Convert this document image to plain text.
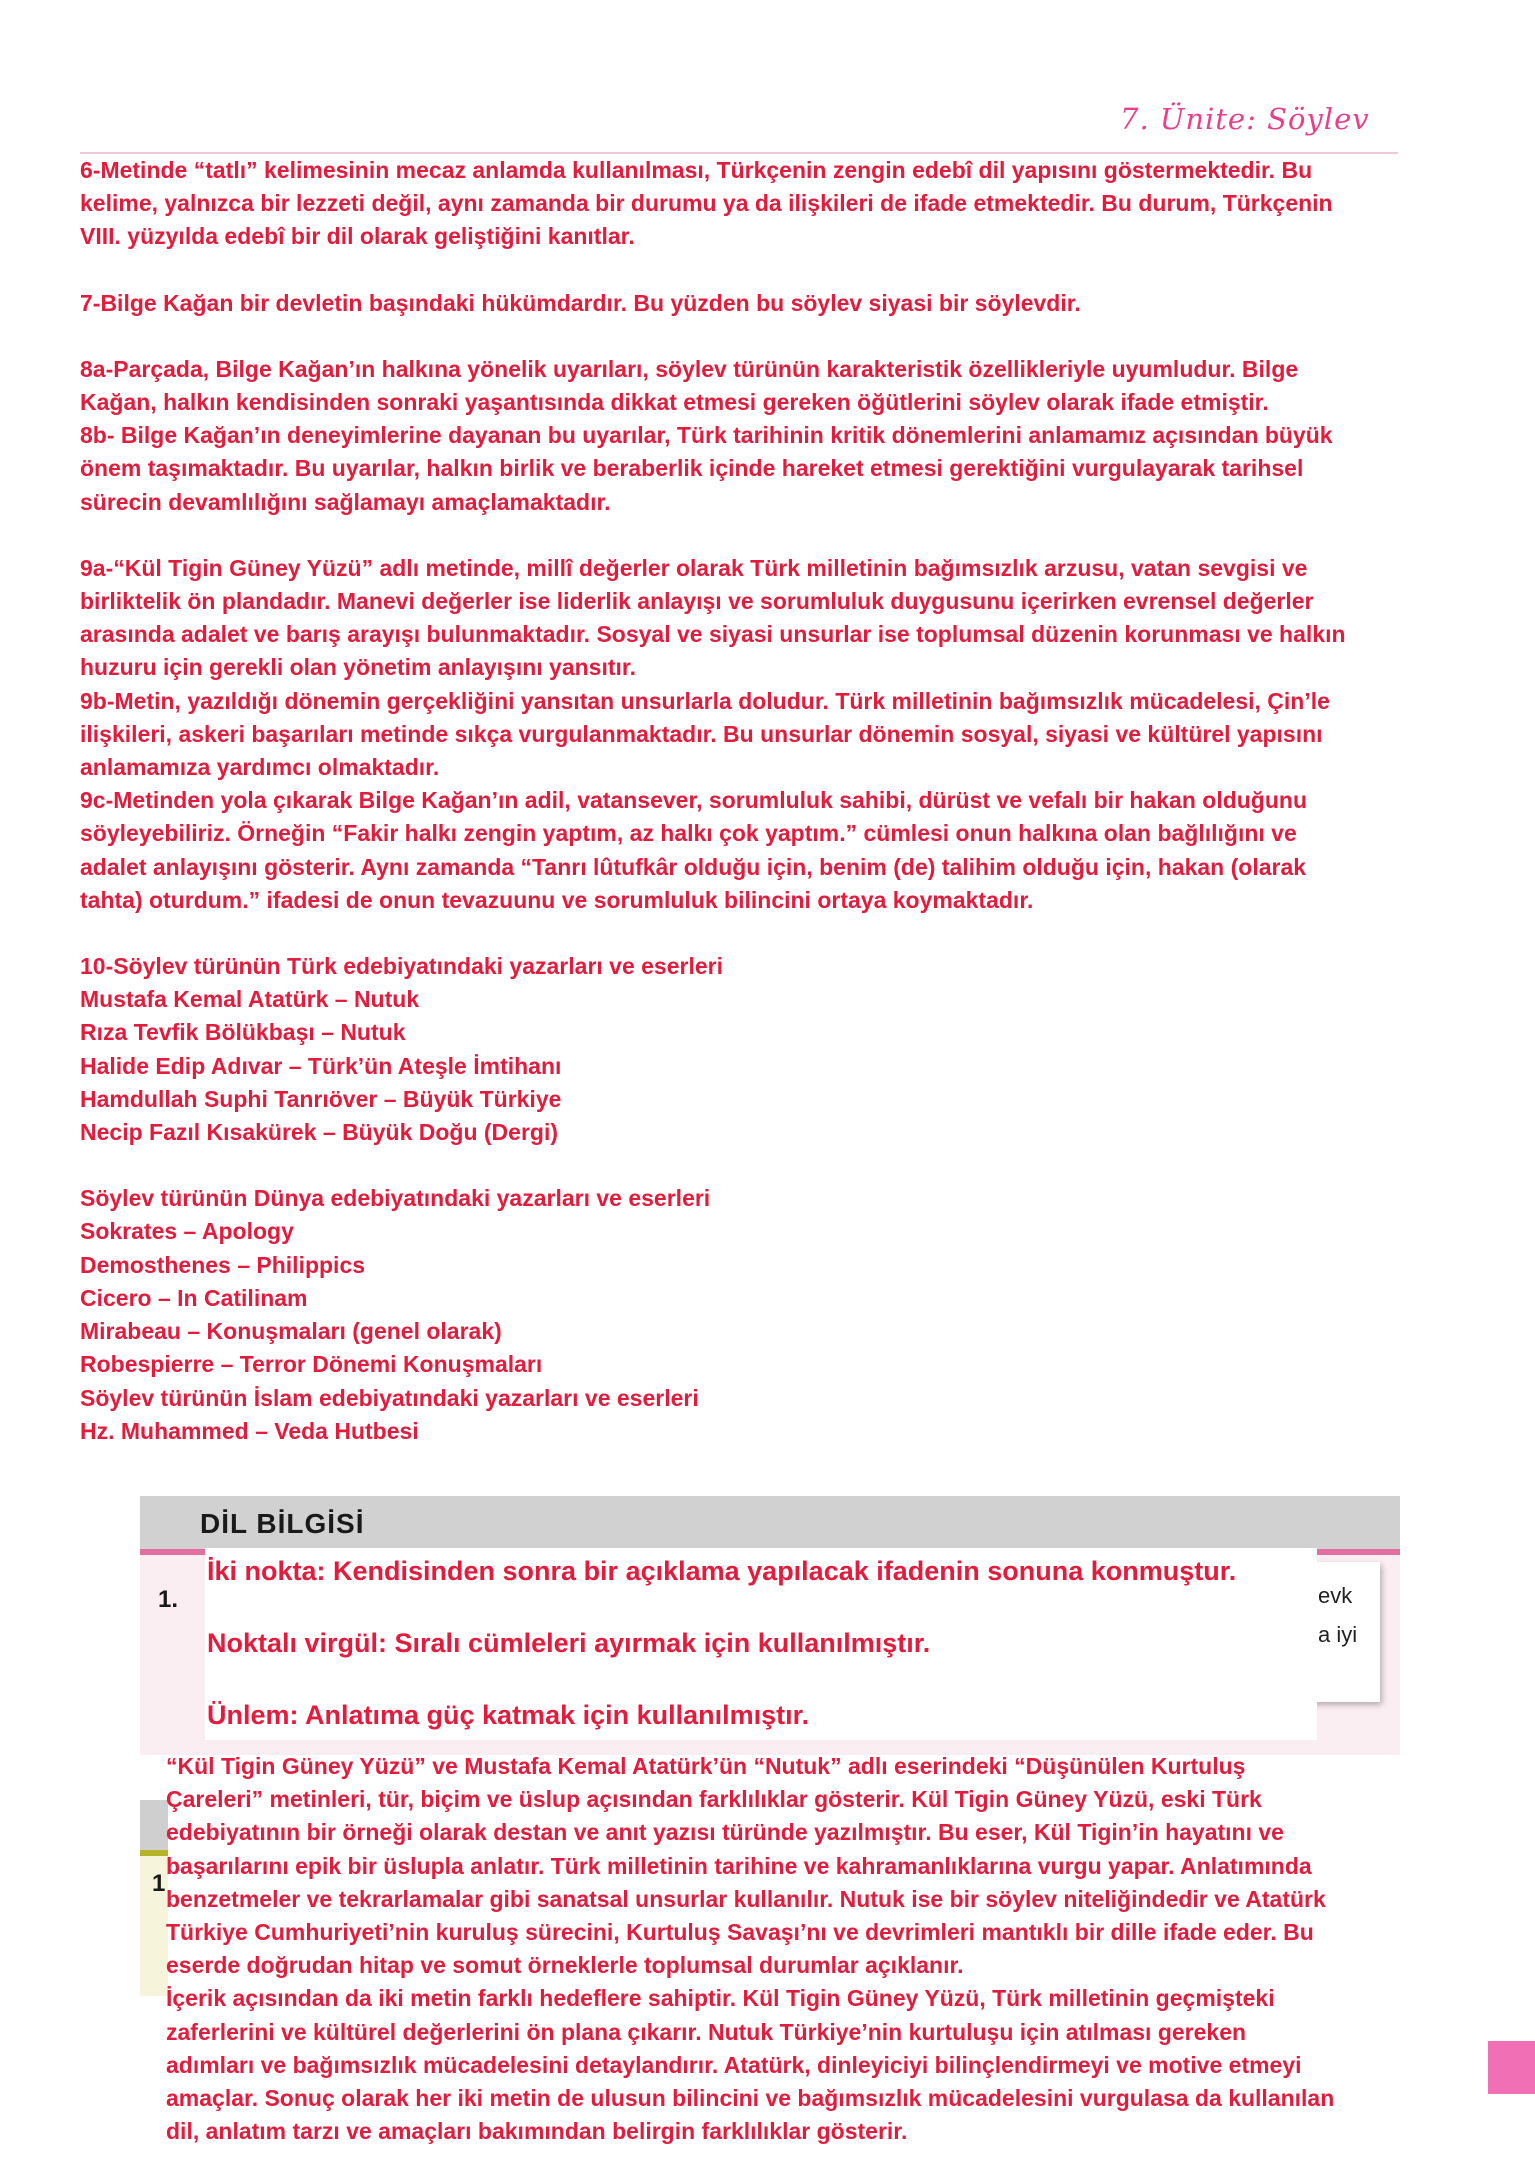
7. Ünite: Söylev

6-Metinde “tatlı” kelimesinin mecaz anlamda kullanılması, Türkçenin zengin edebî dil yapısını göstermektedir. Bu

kelime, yalnızca bir lezzeti değil, aynı zamanda bir durumu ya da ilişkileri de ifade etmektedir. Bu durum, Türkçenin

VIII. yüzyılda edebî bir dil olarak geliştiğini kanıtlar.

7-Bilge Kağan bir devletin başındaki hükümdardır. Bu yüzden bu söylev siyasi bir söylevdir.

8a-Parçada, Bilge Kağan’ın halkına yönelik uyarıları, söylev türünün karakteristik özellikleriyle uyumludur. Bilge

Kağan, halkın kendisinden sonraki yaşantısında dikkat etmesi gereken öğütlerini söylev olarak ifade etmiştir.

8b- Bilge Kağan’ın deneyimlerine dayanan bu uyarılar, Türk tarihinin kritik dönemlerini anlamamız açısından büyük

önem taşımaktadır. Bu uyarılar, halkın birlik ve beraberlik içinde hareket etmesi gerektiğini vurgulayarak tarihsel

sürecin devamlılığını sağlamayı amaçlamaktadır.

9a-“Kül Tigin Güney Yüzü” adlı metinde, millî değerler olarak Türk milletinin bağımsızlık arzusu, vatan sevgisi ve

birliktelik ön plandadır. Manevi değerler ise liderlik anlayışı ve sorumluluk duygusunu içerirken evrensel değerler

arasında adalet ve barış arayışı bulunmaktadır. Sosyal ve siyasi unsurlar ise toplumsal düzenin korunması ve halkın

huzuru için gerekli olan yönetim anlayışını yansıtır.

9b-Metin, yazıldığı dönemin gerçekliğini yansıtan unsurlarla doludur. Türk milletinin bağımsızlık mücadelesi, Çin’le

ilişkileri, askeri başarıları metinde sıkça vurgulanmaktadır. Bu unsurlar dönemin sosyal, siyasi ve kültürel yapısını

anlamamıza yardımcı olmaktadır.

9c-Metinden yola çıkarak Bilge Kağan’ın adil, vatansever, sorumluluk sahibi, dürüst ve vefalı bir hakan olduğunu

söyleyebiliriz. Örneğin “Fakir halkı zengin yaptım, az halkı çok yaptım.” cümlesi onun halkına olan bağlılığını ve

adalet anlayışını gösterir. Aynı zamanda “Tanrı lûtufkâr olduğu için, benim (de) talihim olduğu için, hakan (olarak

tahta) oturdum.” ifadesi de onun tevazuunu ve sorumluluk bilincini ortaya koymaktadır.

10-Söylev türünün Türk edebiyatındaki yazarları ve eserleri

Mustafa Kemal Atatürk – Nutuk

Rıza Tevfik Bölükbaşı – Nutuk

Halide Edip Adıvar – Türk’ün Ateşle İmtihanı

Hamdullah Suphi Tanrıöver – Büyük Türkiye

Necip Fazıl Kısakürek – Büyük Doğu (Dergi)

Söylev türünün Dünya edebiyatındaki yazarları ve eserleri

Sokrates – Apology

Demosthenes – Philippics

Cicero – In Catilinam

Mirabeau – Konuşmaları (genel olarak)

Robespierre – Terror Dönemi Konuşmaları

Söylev türünün İslam edebiyatındaki yazarları ve eserleri

Hz. Muhammed – Veda Hutbesi

DİL BİLGİSİ
1.	evk
a iyi

İki nokta: Kendisinden sonra bir açıklama yapılacak ifadenin sonuna konmuştur.

Noktalı virgül: Sıralı cümleleri ayırmak için kullanılmıştır.

Ünlem: Anlatıma güç katmak için kullanılmıştır.

1

“Kül Tigin Güney Yüzü” ve Mustafa Kemal Atatürk’ün “Nutuk” adlı eserindeki “Düşünülen Kurtuluş

Çareleri” metinleri, tür, biçim ve üslup açısından farklılıklar gösterir. Kül Tigin Güney Yüzü, eski Türk

edebiyatının bir örneği olarak destan ve anıt yazısı türünde yazılmıştır. Bu eser, Kül Tigin’in hayatını ve

başarılarını epik bir üslupla anlatır. Türk milletinin tarihine ve kahramanlıklarına vurgu yapar. Anlatımında

benzetmeler ve tekrarlamalar gibi sanatsal unsurlar kullanılır. Nutuk ise bir söylev niteliğindedir ve Atatürk

Türkiye Cumhuriyeti’nin kuruluş sürecini, Kurtuluş Savaşı’nı ve devrimleri mantıklı bir dille ifade eder. Bu

eserde doğrudan hitap ve somut örneklerle toplumsal durumlar açıklanır.

İçerik açısından da iki metin farklı hedeflere sahiptir. Kül Tigin Güney Yüzü, Türk milletinin geçmişteki

zaferlerini ve kültürel değerlerini ön plana çıkarır. Nutuk Türkiye’nin kurtuluşu için atılması gereken

adımları ve bağımsızlık mücadelesini detaylandırır. Atatürk, dinleyiciyi bilinçlendirmeyi ve motive etmeyi

amaçlar. Sonuç olarak her iki metin de ulusun bilincini ve bağımsızlık mücadelesini vurgulasa da kullanılan

dil, anlatım tarzı ve amaçları bakımından belirgin farklılıklar gösterir.
